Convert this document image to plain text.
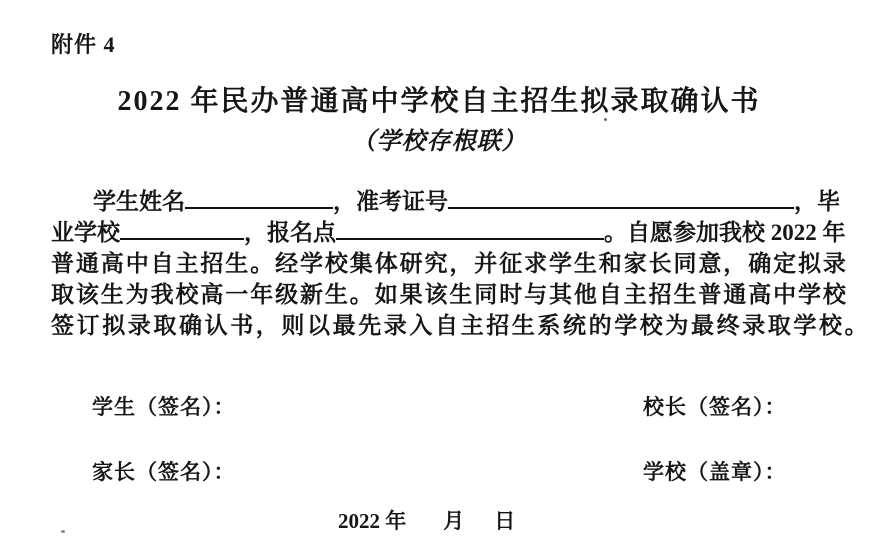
附件 4
2022 年民办普通高中学校自主招生拟录取确认书
（学校存根联）
学生姓名	，准考证号	，毕
业学校	，报名点	。自愿参加我校 2022 年
普通高中自主招生。经学校集体研究，并征求学生和家长同意，确定拟录
取该生为我校高一年级新生。如果该生同时与其他自主招生普通高中学校
签订拟录取确认书，则以最先录入自主招生系统的学校为最终录取学校。
学生（签名）：	校长（签名）：
家长（签名）：	学校（盖章）：
2022 年 月 日
